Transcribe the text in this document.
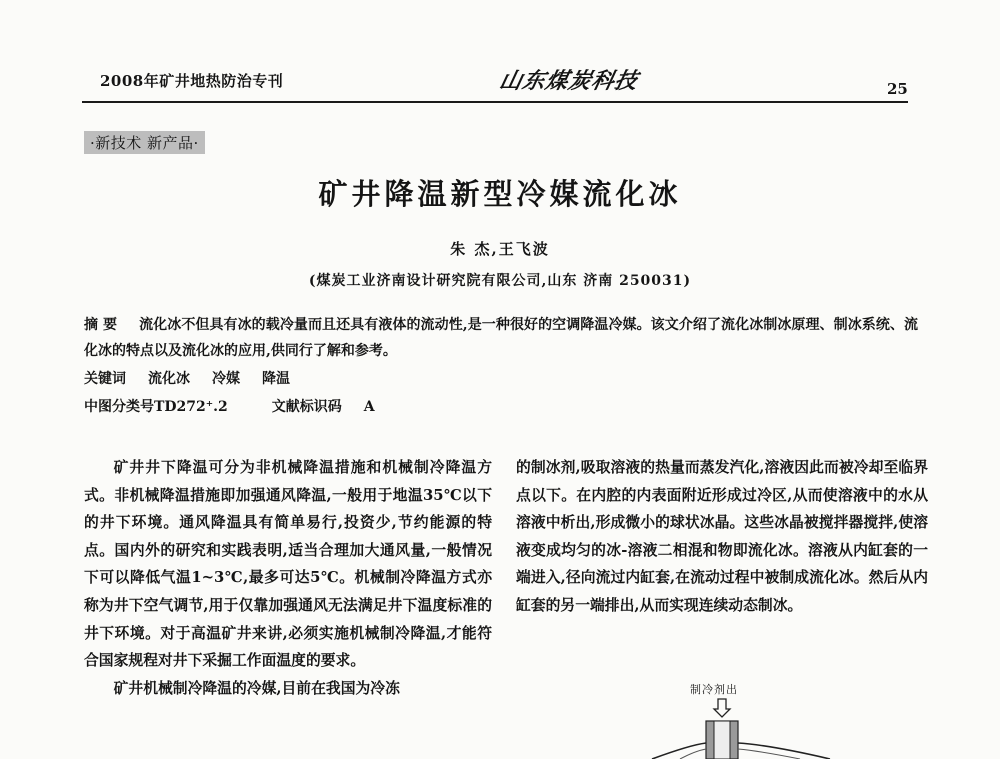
2008年矿井地热防治专刊	山东煤炭科技	25
·新技术 新产品·
矿井降温新型冷媒流化冰
朱 杰,王飞波
(煤炭工业济南设计研究院有限公司,山东 济南 250031)
摘 要 流化冰不但具有冰的载冷量而且还具有液体的流动性,是一种很好的空调降温冷媒。该文介绍了流化冰制冰原理、制冰系统、流化冰的特点以及流化冰的应用,供同行了解和参考。
关键词 流化冰 冷媒 降温
中图分类号TD272⁺.2	文献标识码 A

矿井井下降温可分为非机械降温措施和机械制冷降温方式。非机械降温措施即加强通风降温,一般用于地温35℃以下的井下环境。通风降温具有简单易行,投资少,节约能源的特点。国内外的研究和实践表明,适当合理加大通风量,一般情况下可以降低气温1~3℃,最多可达5℃。机械制冷降温方式亦称为井下空气调节,用于仅靠加强通风无法满足井下温度标准的井下环境。对于高温矿井来讲,必须实施机械制冷降温,才能符合国家规程对井下采掘工作面温度的要求。

矿井机械制冷降温的冷媒,目前在我国为冷冻

的制冰剂,吸取溶液的热量而蒸发汽化,溶液因此而被冷却至临界点以下。在内腔的内表面附近形成过冷区,从而使溶液中的水从溶液中析出,形成微小的球状冰晶。这些冰晶被搅拌器搅拌,使溶液变成均匀的冰-溶液二相混和物即流化冰。溶液从内缸套的一端进入,径向流过内缸套,在流动过程中被制成流化冰。然后从内缸套的另一端排出,从而实现连续动态制冰。

制冷剂出
